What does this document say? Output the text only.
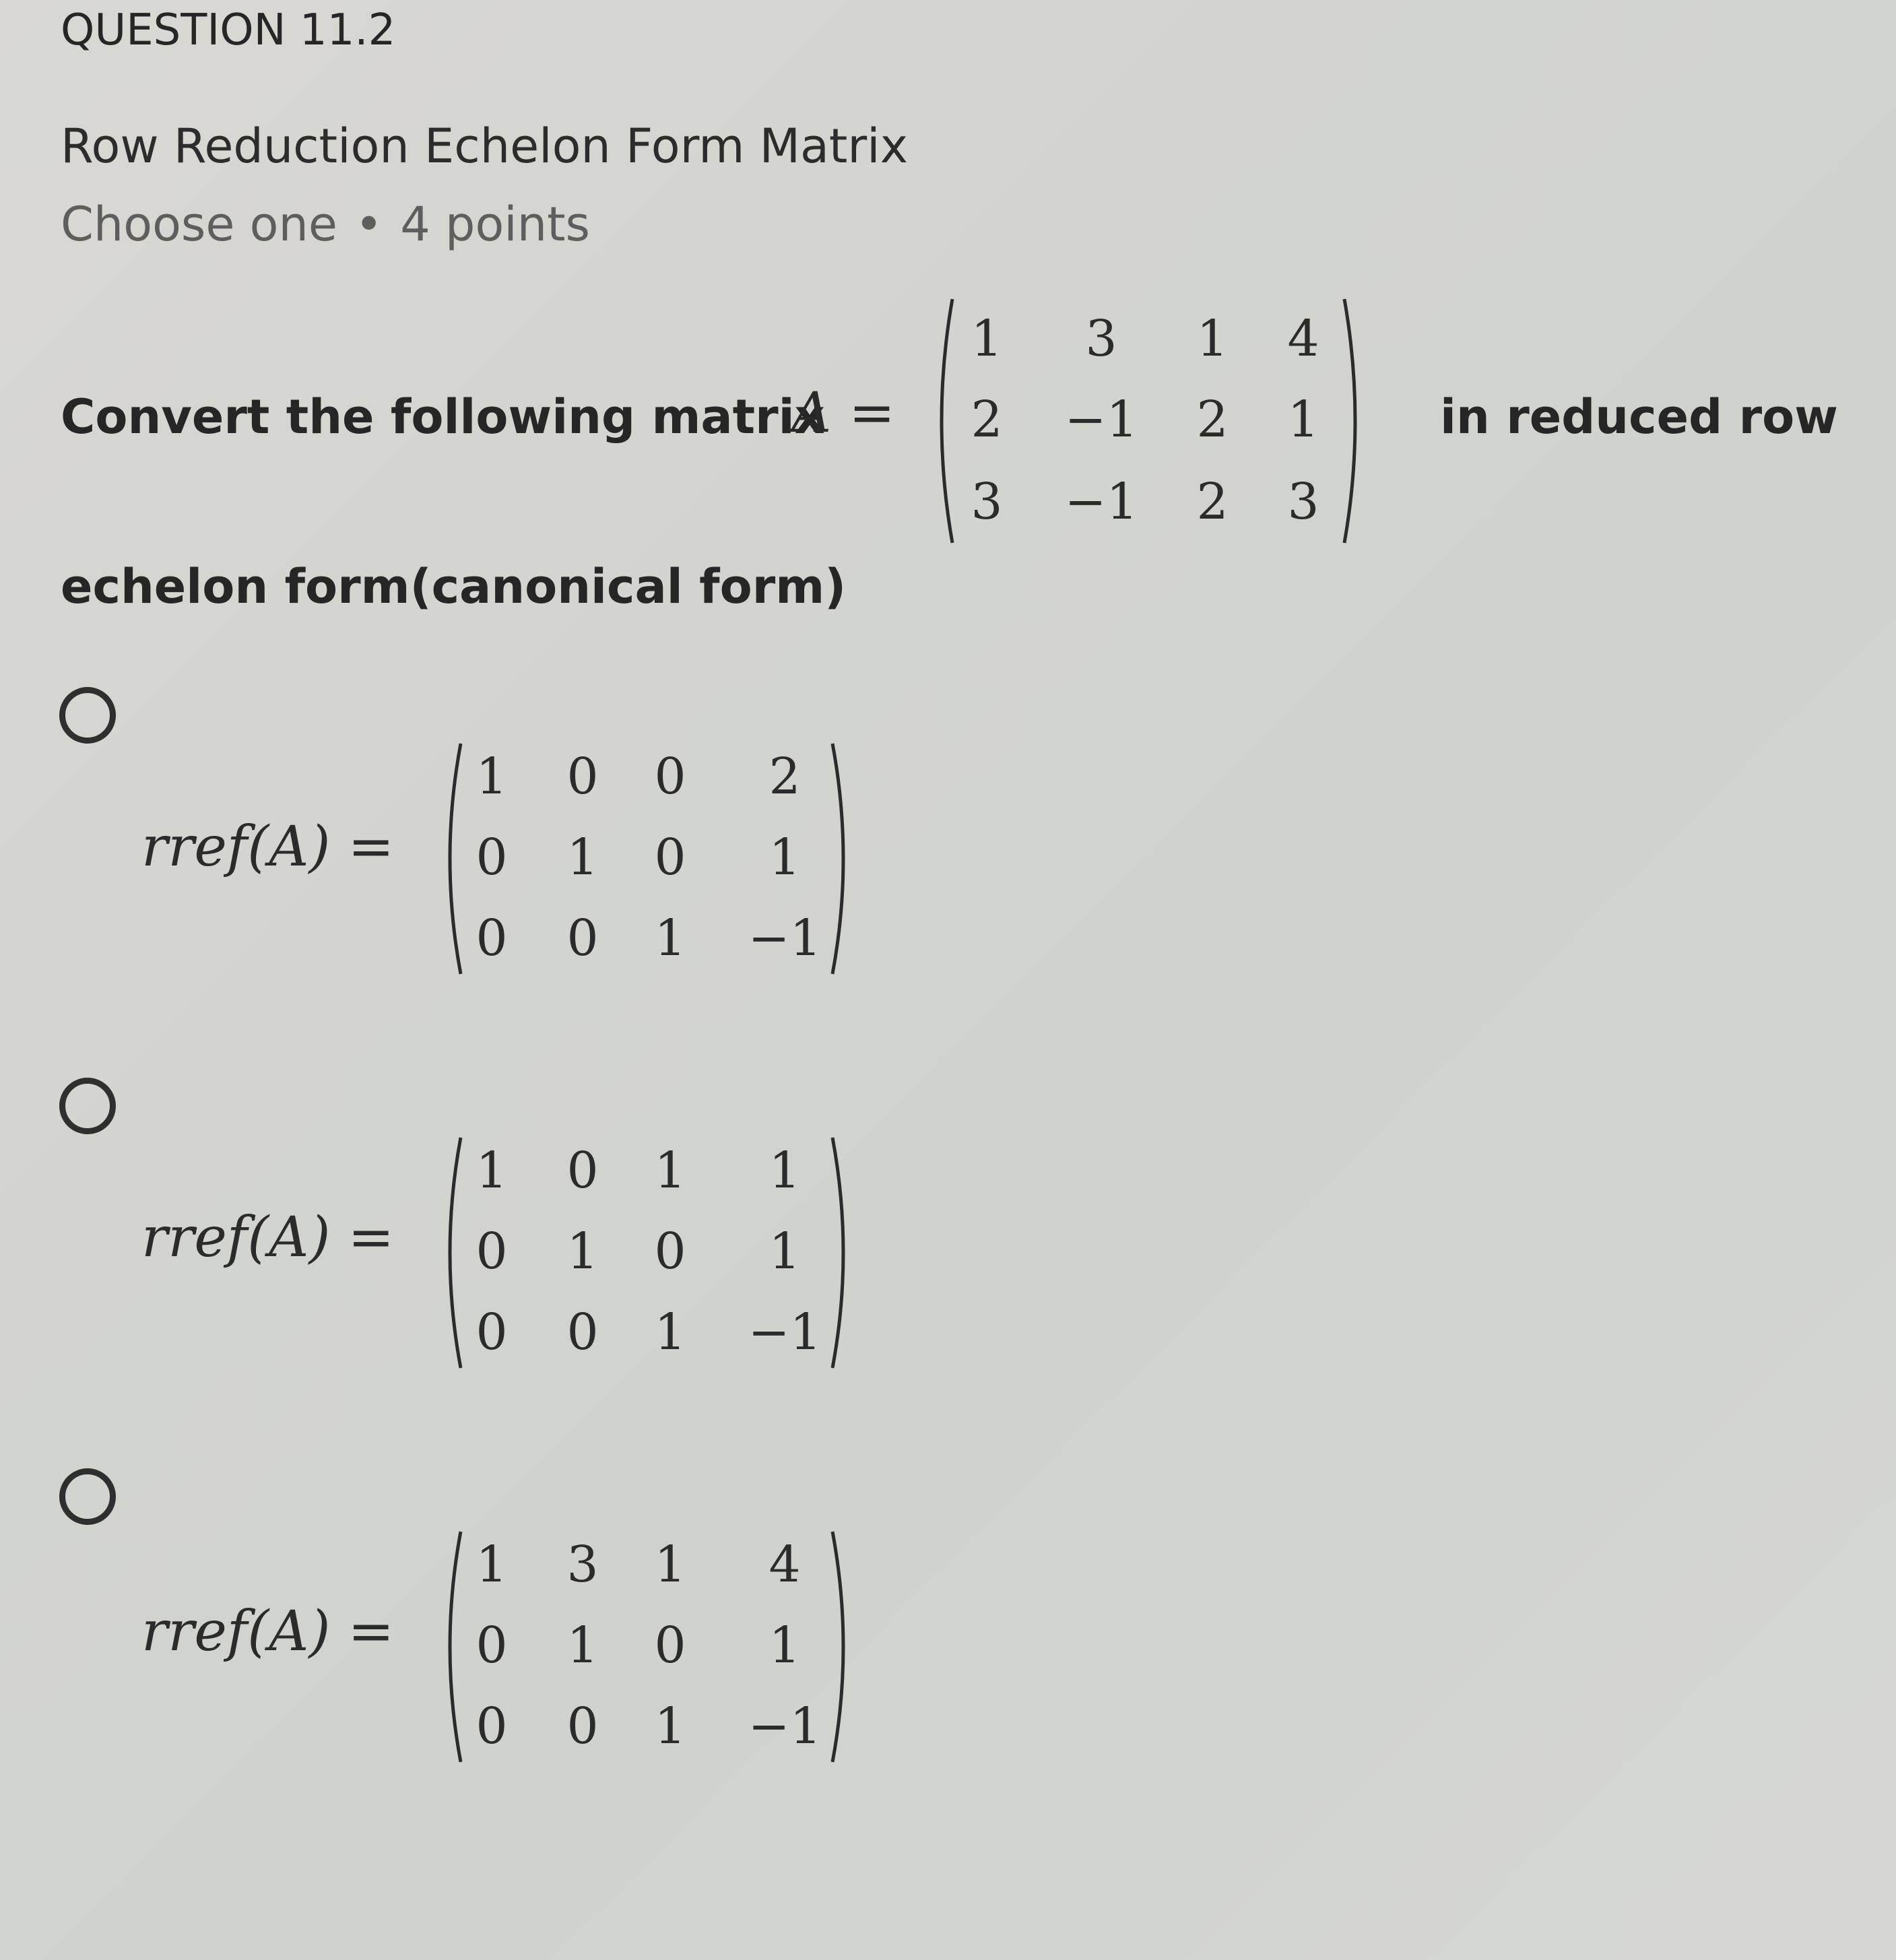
QUESTION 11.2
Row Reduction Echelon Form Matrix
Choose one • 4 points
Convert the following matrix
A =
1	3	1	4
2	−1	2	1
3	−1	2	3
in reduced row
echelon form(canonical form)
rref(A) =
1	0	0	2
0	1	0	1
0	0	1	−1
rref(A) =
1	0	1	1
0	1	0	1
0	0	1	−1
rref(A) =
1	3	1	4
0	1	0	1
0	0	1	−1
